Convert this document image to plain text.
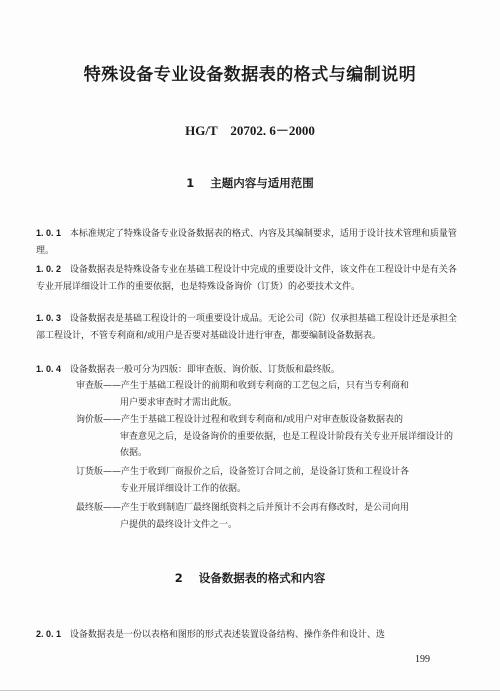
特殊设备专业设备数据表的格式与编制说明
HG/T　20702. 6－2000
1 主题内容与适用范围
1. 0. 1 本标准规定了特殊设备专业设备数据表的格式、内容及其编制要求，适用于设计技术管理和质量管理。
1. 0. 2 设备数据表是特殊设备专业在基础工程设计中完成的重要设计文件，该文件在工程设计中是有关各专业开展详细设计工作的重要依据，也是特殊设备询价（订货）的必要技术文件。
1. 0. 3 设备数据表是基础工程设计的一项重要设计成品。无论公司（院）仅承担基础工程设计还是承担全部工程设计，不管专利商和/或用户是否要对基础设计进行审查，都要编制设备数据表。
1. 0. 4 设备数据表一般可分为四版：即审查版、询价版、订货版和最终版。
审查版——产生于基础工程设计的前期和收到专利商的工艺包之后，只有当专利商和
用户要求审查时才需出此版。
询价版——产生于基础工程设计过程和收到专利商和/或用户对审查版设备数据表的
审查意见之后，是设备询价的重要依据，也是工程设计阶段有关专业开展详细设计的依据。
订货版——产生于收到厂商报价之后，设备签订合同之前，是设备订货和工程设计各
专业开展详细设计工作的依据。
最终版——产生于收到制造厂最终图纸资料之后并预计不会再有修改时，是公司向用
户提供的最终设计文件之一。
2 设备数据表的格式和内容
2. 0. 1 设备数据表是一份以表格和图形的形式表述装置设备结构、操作条件和设计、选
199
